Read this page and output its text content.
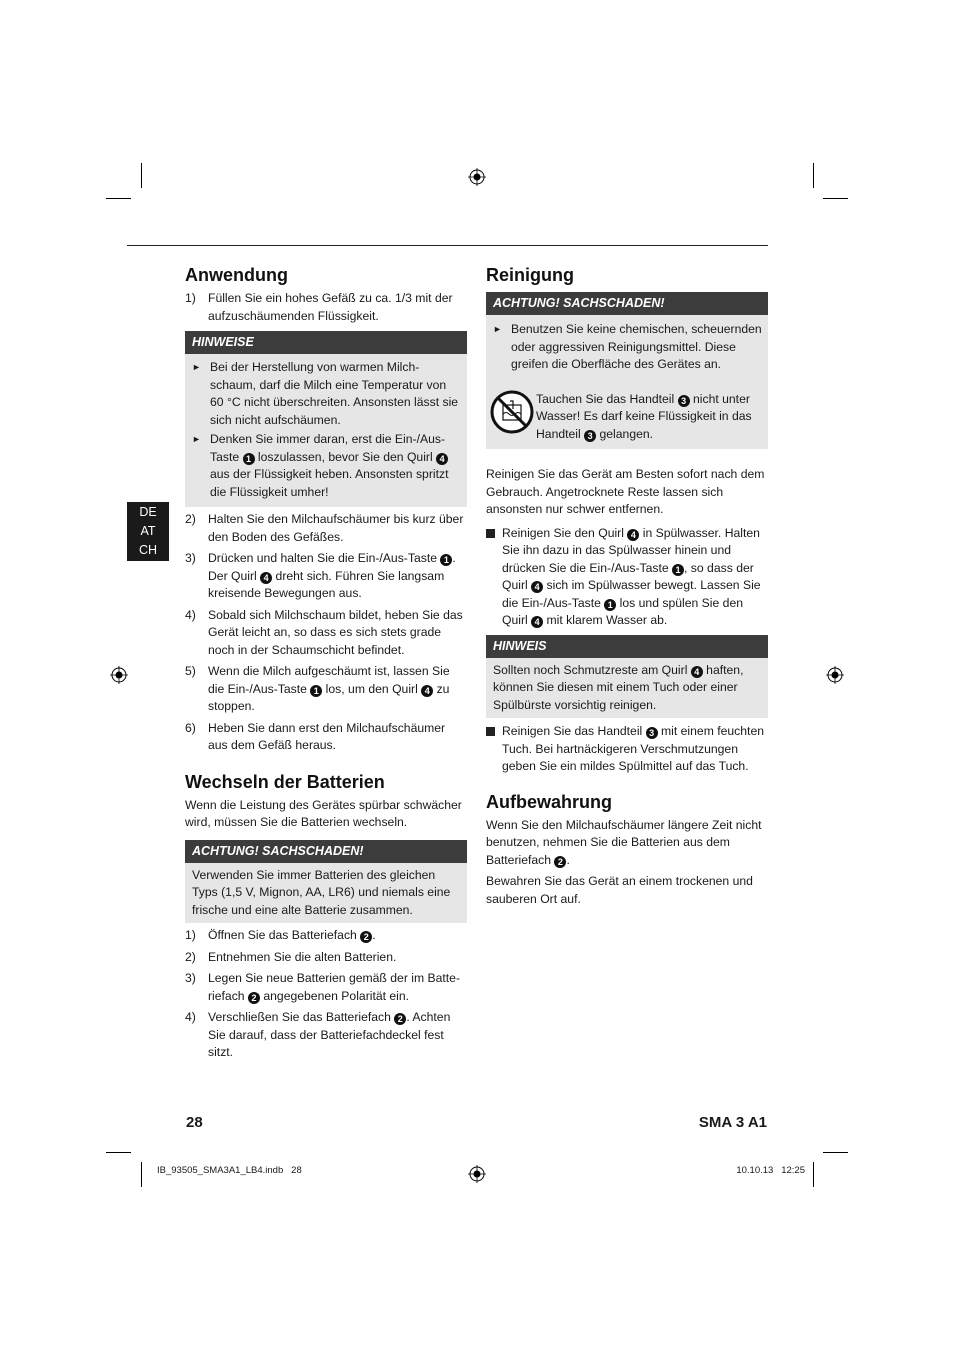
DE
AT
CH
Anwendung
1) Füllen Sie ein hohes Gefäß zu ca. 1/3 mit der aufzuschäumenden Flüssigkeit.
HINWEISE
► Bei der Herstellung von warmen Milchschaum, darf die Milch eine Temperatur von 60 °C nicht überschreiten. Ansonsten lässt sie sich nicht aufschäumen.
► Denken Sie immer daran, erst die Ein-/Aus-Taste 1 loszulassen, bevor Sie den Quirl 4 aus der Flüssigkeit heben. Ansonsten spritzt die Flüssigkeit umher!
2) Halten Sie den Milchaufschäumer bis kurz über den Boden des Gefäßes.
3) Drücken und halten Sie die Ein-/Aus-Taste 1 . Der Quirl 4 dreht sich. Führen Sie langsam kreisende Bewegungen aus.
4) Sobald sich Milchschaum bildet, heben Sie das Gerät leicht an, so dass es sich stets grade noch in der Schaumschicht befindet.
5) Wenn die Milch aufgeschäumt ist, lassen Sie die Ein-/Aus-Taste 1 los, um den Quirl 4 zu stoppen.
6) Heben Sie dann erst den Milchaufschäumer aus dem Gefäß heraus.
Wechseln der Batterien

Wenn die Leistung des Gerätes spürbar schwächer wird, müssen Sie die Batterien wechseln.

ACHTUNG! SACHSCHADEN!

Verwenden Sie immer Batterien des gleichen Typs (1,5 V, Mignon, AA, LR6) und niemals eine frische und eine alte Batterie zusammen.

1) Öffnen Sie das Batteriefach 2 .
2) Entnehmen Sie die alten Batterien.
3) Legen Sie neue Batterien gemäß der im Batteriefach 2 angegebenen Polarität ein.
4) Verschließen Sie das Batteriefach 2 . Achten Sie darauf, dass der Batteriefachdeckel fest sitzt.
Reinigung
ACHTUNG! SACHSCHADEN!
► Benutzen Sie keine chemischen, scheuernden oder aggressiven Reinigungsmittel. Diese greifen die Oberfläche des Gerätes an.
Tauchen Sie das Handteil 3 nicht unter Wasser! Es darf keine Flüssigkeit in das Handteil 3 gelangen.

Reinigen Sie das Gerät am Besten sofort nach dem Gebrauch. Angetrocknete Reste lassen sich ansonsten nur schwer entfernen.

Reinigen Sie den Quirl 4 in Spülwasser. Halten Sie ihn dazu in das Spülwasser hinein und drücken Sie die Ein-/Aus-Taste 1 , so dass der Quirl 4 sich im Spülwasser bewegt. Lassen Sie die Ein-/Aus-Taste 1 los und spülen Sie den Quirl 4 mit klarem Wasser ab.
HINWEIS

Sollten noch Schmutzreste am Quirl 4 haften, können Sie diesen mit einem Tuch oder einer Spülbürste vorsichtig reinigen.

Reinigen Sie das Handteil 3 mit einem feuchten Tuch. Bei hartnäckigeren Verschmutzungen geben Sie ein mildes Spülmittel auf das Tuch.
Aufbewahrung

Wenn Sie den Milchaufschäumer längere Zeit nicht benutzen, nehmen Sie die Batterien aus dem Batteriefach 2 .

Bewahren Sie das Gerät an einem trockenen und sauberen Ort auf.

28	SMA 3 A1
IB_93505_SMA3A1_LB4.indb   28	10.10.13   12:25
